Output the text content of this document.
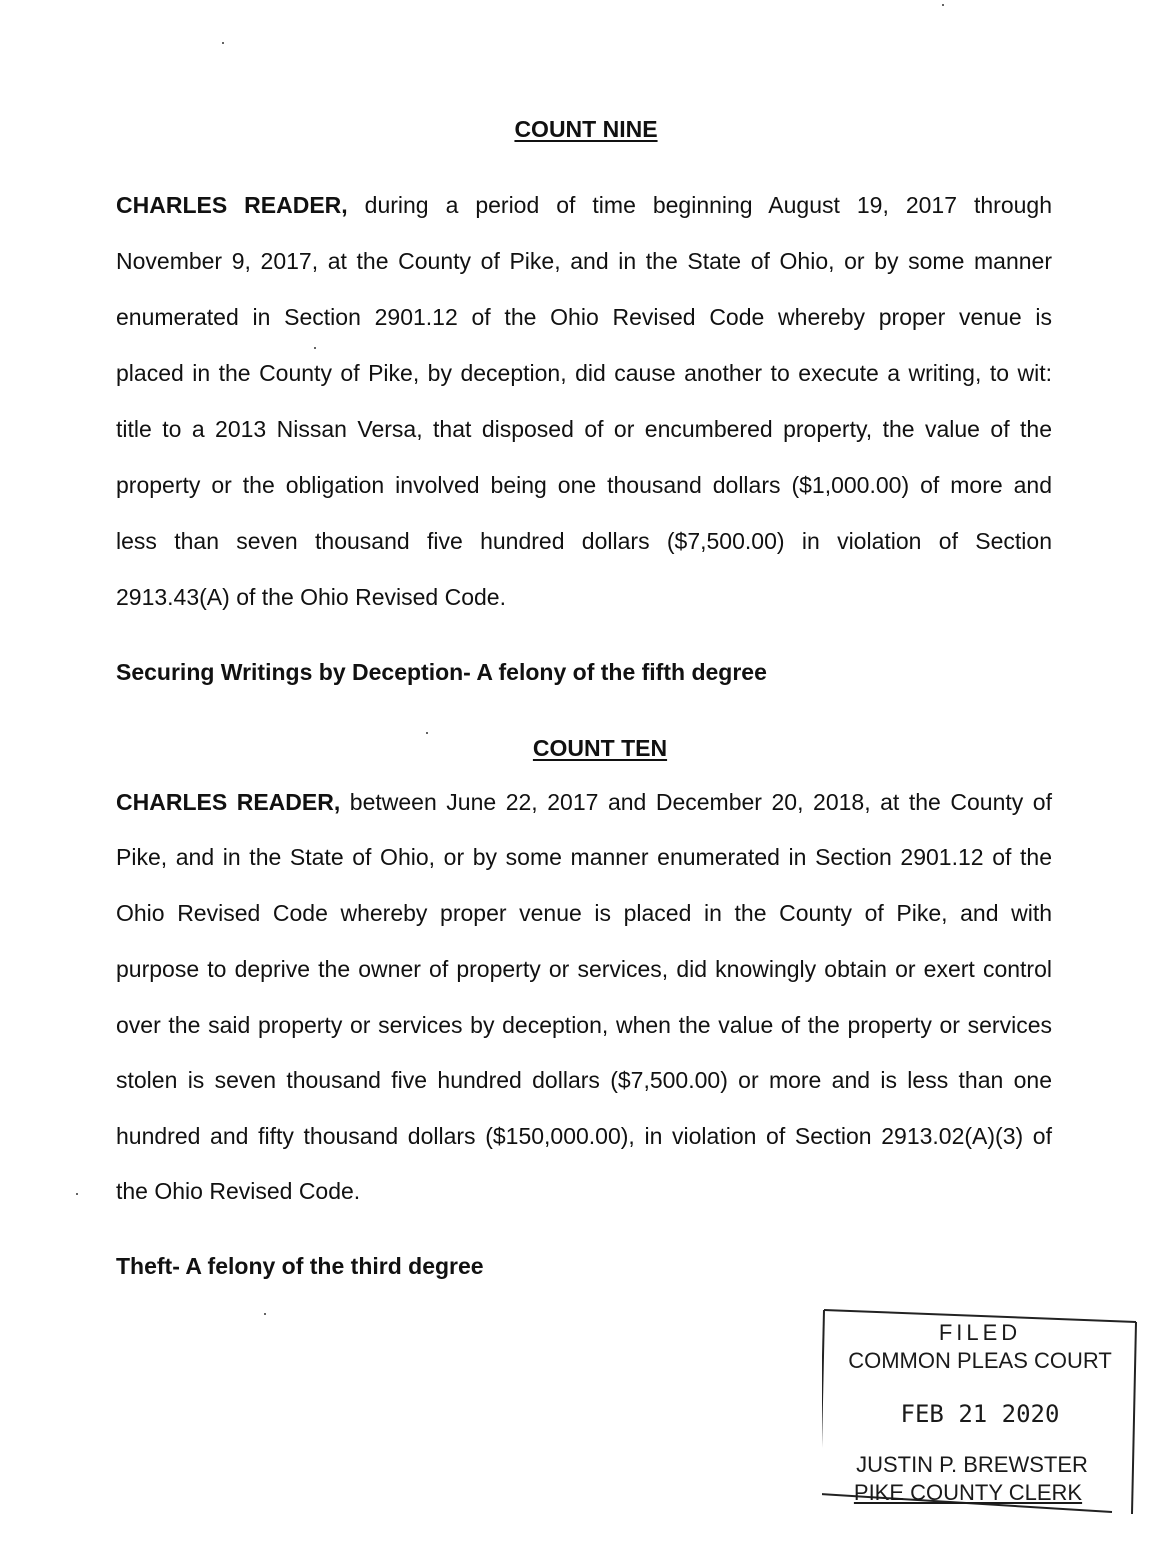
COUNT NINE
CHARLES READER, during a period of time beginning August 19, 2017 through
November 9, 2017, at the County of Pike, and in the State of Ohio, or by some manner
enumerated in Section 2901.12 of the Ohio Revised Code whereby proper venue is
placed in the County of Pike, by deception, did cause another to execute a writing, to wit:
title to a 2013 Nissan Versa, that disposed of or encumbered property, the value of the
property or the obligation involved being one thousand dollars ($1,000.00) of more and
less than seven thousand five hundred dollars ($7,500.00) in violation of Section
2913.43(A) of the Ohio Revised Code.
Securing Writings by Deception- A felony of the fifth degree
COUNT TEN
CHARLES READER, between June 22, 2017 and December 20, 2018, at the County of
Pike, and in the State of Ohio, or by some manner enumerated in Section 2901.12 of the
Ohio Revised Code whereby proper venue is placed in the County of Pike, and with
purpose to deprive the owner of property or services, did knowingly obtain or exert control
over the said property or services by deception, when the value of the property or services
stolen is seven thousand five hundred dollars ($7,500.00) or more and is less than one
hundred and fifty thousand dollars ($150,000.00), in violation of Section 2913.02(A)(3) of
the Ohio Revised Code.
Theft- A felony of the third degree
FILED
COMMON PLEAS COURT
FEB 21 2020
JUSTIN P. BREWSTER
PIKE COUNTY CLERK
